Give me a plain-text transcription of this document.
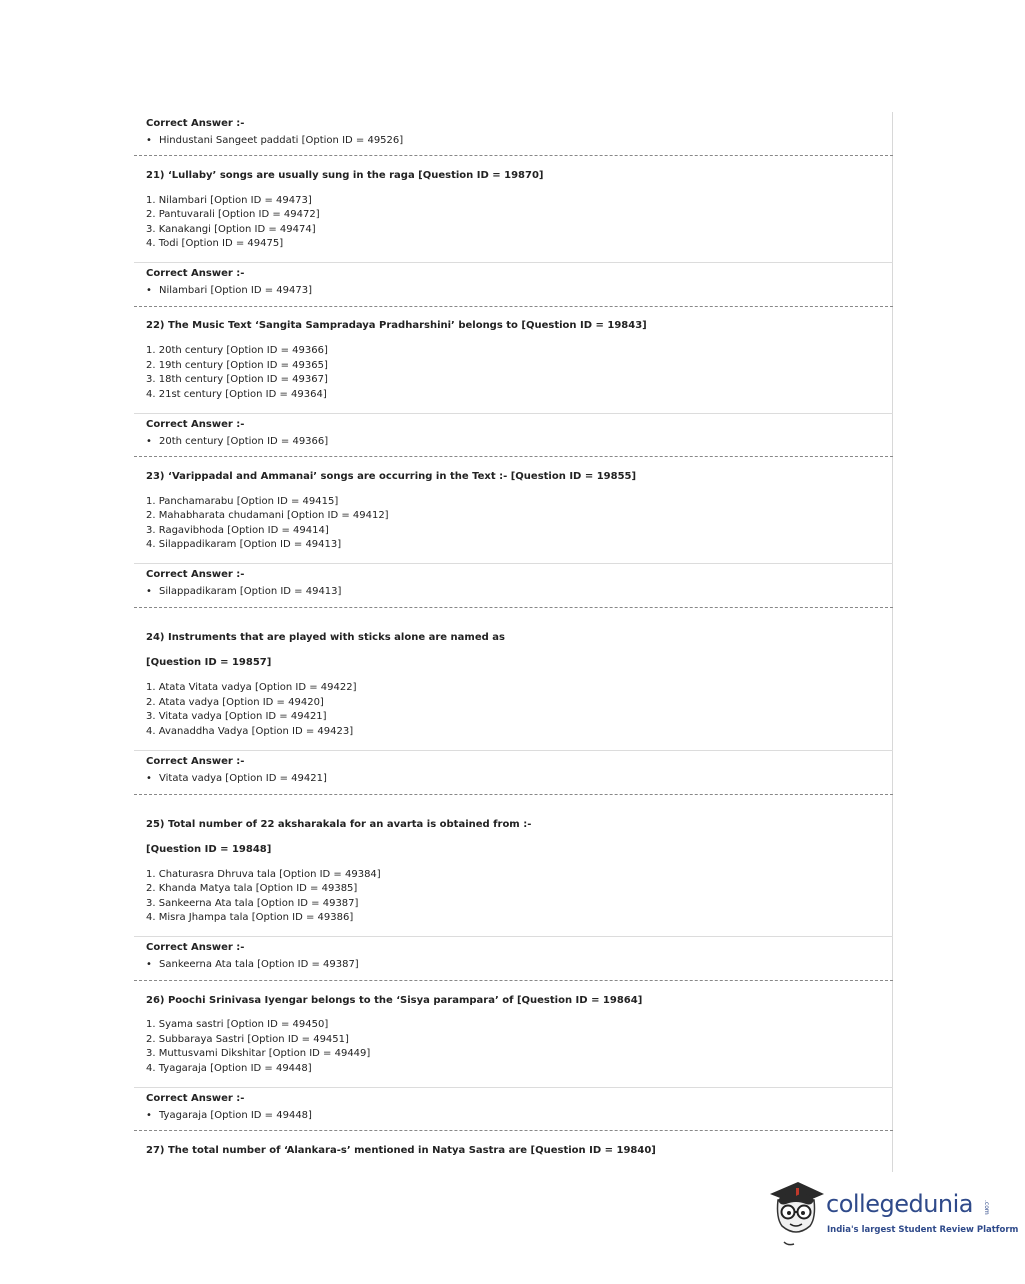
Correct Answer :-
• Hindustani Sangeet paddati [Option ID = 49526]
21) ‘Lullaby’ songs are usually sung in the raga [Question ID = 19870]
1. Nilambari [Option ID = 49473]
2. Pantuvarali [Option ID = 49472]
3. Kanakangi [Option ID = 49474]
4. Todi [Option ID = 49475]
Correct Answer :-
• Nilambari [Option ID = 49473]
22) The Music Text ‘Sangita Sampradaya Pradharshini’ belongs to [Question ID = 19843]
1. 20th century [Option ID = 49366]
2. 19th century [Option ID = 49365]
3. 18th century [Option ID = 49367]
4. 21st century [Option ID = 49364]
Correct Answer :-
• 20th century [Option ID = 49366]
23) ‘Varippadal and Ammanai’ songs are occurring in the Text :- [Question ID = 19855]
1. Panchamarabu [Option ID = 49415]
2. Mahabharata chudamani [Option ID = 49412]
3. Ragavibhoda [Option ID = 49414]
4. Silappadikaram [Option ID = 49413]
Correct Answer :-
• Silappadikaram [Option ID = 49413]
24) Instruments that are played with sticks alone are named as
[Question ID = 19857]
1. Atata Vitata vadya [Option ID = 49422]
2. Atata vadya [Option ID = 49420]
3. Vitata vadya [Option ID = 49421]
4. Avanaddha Vadya [Option ID = 49423]
Correct Answer :-
• Vitata vadya [Option ID = 49421]
25) Total number of 22 aksharakala for an avarta is obtained from :-
[Question ID = 19848]
1. Chaturasra Dhruva tala [Option ID = 49384]
2. Khanda Matya tala [Option ID = 49385]
3. Sankeerna Ata tala [Option ID = 49387]
4. Misra Jhampa tala [Option ID = 49386]
Correct Answer :-
• Sankeerna Ata tala [Option ID = 49387]
26) Poochi Srinivasa Iyengar belongs to the ‘Sisya parampara’ of [Question ID = 19864]
1. Syama sastri [Option ID = 49450]
2. Subbaraya Sastri [Option ID = 49451]
3. Muttusvami Dikshitar [Option ID = 49449]
4. Tyagaraja [Option ID = 49448]
Correct Answer :-
• Tyagaraja [Option ID = 49448]
27) The total number of ‘Alankara-s’ mentioned in Natya Sastra are [Question ID = 19840]
collegedunia .com
India's largest Student Review Platform
